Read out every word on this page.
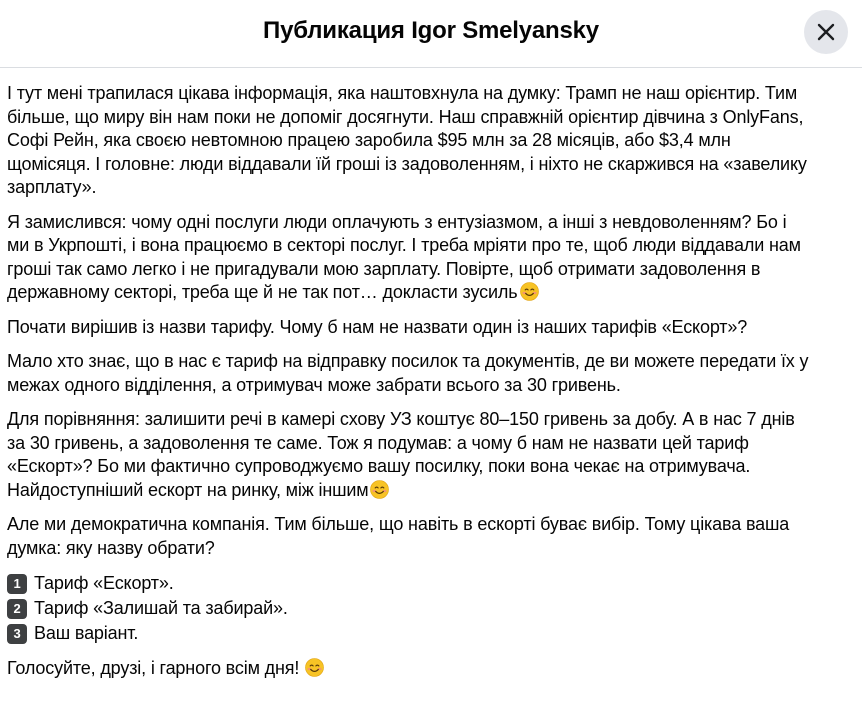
Публикация Igor Smelyansky
І тут мені трапилася цікава інформація, яка наштовхнула на думку: Трамп не наш орієнтир. Тим
більше, що миру він нам поки не допоміг досягнути. Наш справжній орієнтир дівчина з OnlyFans,
Софі Рейн, яка своєю невтомною працею заробила $95 млн за 28 місяців, або $3,4 млн
щомісяця. І головне: люди віддавали їй гроші із задоволенням, і ніхто не скаржився на «завелику
зарплату».
Я замислився: чому одні послуги люди оплачують з ентузіазмом, а інші з невдоволенням? Бо і
ми в Укрпошті, і вона працюємо в секторі послуг. І треба мріяти про те, щоб люди віддавали нам
гроші так само легко і не пригадували мою зарплату. Повірте, щоб отримати задоволення в
державному секторі, треба ще й не так пот… докласти зусиль
Почати вирішив із назви тарифу. Чому б нам не назвати один із наших тарифів «Ескорт»?
Мало хто знає, що в нас є тариф на відправку посилок та документів, де ви можете передати їх у
межах одного відділення, а отримувач може забрати всього за 30 гривень.
Для порівняння: залишити речі в камері схову УЗ коштує 80–150 гривень за добу. А в нас 7 днів
за 30 гривень, а задоволення те саме. Тож я подумав: а чому б нам не назвати цей тариф
«Ескорт»? Бо ми фактично супроводжуємо вашу посилку, поки вона чекає на отримувача.
Найдоступніший ескорт на ринку, між іншим
Але ми демократична компанія. Тим більше, що навіть в ескорті буває вибір. Тому цікава ваша
думка: яку назву обрати?
1 Тариф «Ескорт».
2 Тариф «Залишай та забирай».
3 Ваш варіант.
Голосуйте, друзі, і гарного всім дня!
